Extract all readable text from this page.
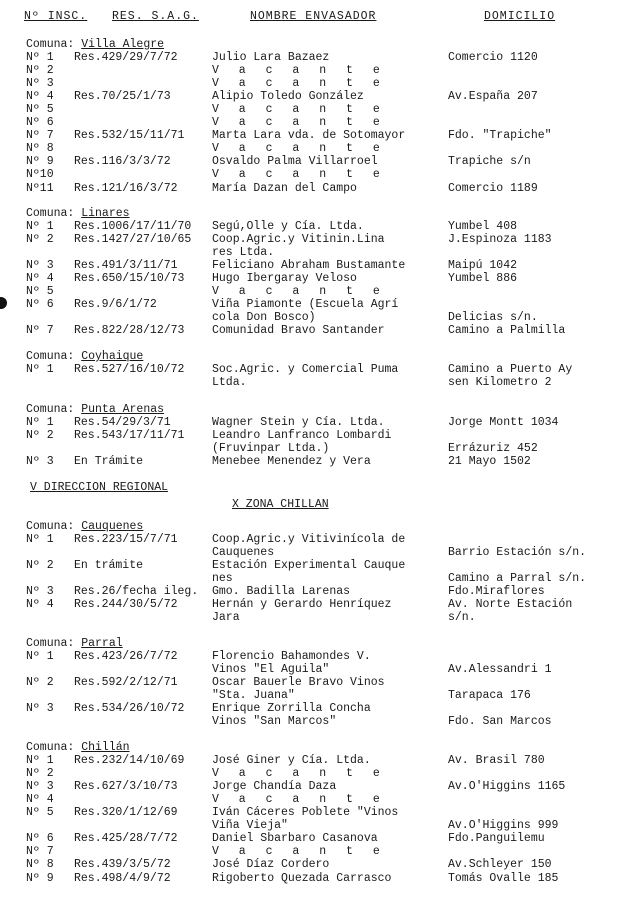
Nº INSC. RES. S.A.G.	NOMBRE ENVASADOR	DOMICILIO
Comuna: Villa Alegre
Nº 1 Res.429/29/7/72	Julio Lara Bazaez	Comercio 1120
Nº 2	V a c a n t e
Nº 3	V a c a n t e
Nº 4 Res.70/25/1/73	Alipio Toledo González	Av.España 207
Nº 5	V a c a n t e
Nº 6	V a c a n t e
Nº 7 Res.532/15/11/71 Marta Lara vda. de Sotomayor	Fdo. "Trapiche"
Nº 8	V a c a n t e
Nº 9 Res.116/3/3/72	Osvaldo Palma Villarroel	Trapiche s/n
Nº10	V a c a n t e
Nº11 Res.121/16/3/72	María Dazan del Campo	Comercio 1189
Comuna: Linares
Nº 1 Res.1006/17/11/70 Segú,Olle y Cía. Ltda.	Yumbel 408
Nº 2 Res.1427/27/10/65 Coop.Agric.y Vitinin.Lina	J.Espinoza 1183
res Ltda.
Nº 3 Res.491/3/11/71	Feliciano Abraham Bustamante	Maipú 1042
Nº 4 Res.650/15/10/73 Hugo Ibergaray Veloso	Yumbel 886
Nº 5	V a c a n t e
Nº 6 Res.9/6/1/72	Viña Piamonte (Escuela Agrí
cola Don Bosco)	Delicias s/n.
Nº 7 Res.822/28/12/73 Comunidad Bravo Santander	Camino a Palmilla
Comuna: Coyhaique
Nº 1 Res.527/16/10/72 Soc.Agric. y Comercial Puma	Camino a Puerto Ay
Ltda.	sen Kilometro 2
Comuna: Punta Arenas
Nº 1 Res.54/29/3/71	Wagner Stein y Cía. Ltda.	Jorge Montt 1034
Nº 2 Res.543/17/11/71 Leandro Lanfranco Lombardi
(Fruvinpar Ltda.)	Errázuriz 452
Nº 3 En Trámite	Menebee Menendez y Vera	21 Mayo 1502
Comuna: Cauquenes
Nº 1 Res.223/15/7/71	Coop.Agric.y Vitivinícola de
Cauquenes	Barrio Estación s/n.
Nº 2 En trámite	Estación Experimental Cauque
nes	Camino a Parral s/n.
Nº 3 Res.26/fecha ileg. Gmo. Badilla Larenas	Fdo.Miraflores
Nº 4 Res.244/30/5/72	Hernán y Gerardo Henríquez	Av. Norte Estación
Jara	s/n.
Comuna: Parral
Nº 1 Res.423/26/7/72	Florencio Bahamondes V.
Vinos "El Aguila"	Av.Alessandri 1
Nº 2 Res.592/2/12/71	Oscar Bauerle Bravo Vinos
"Sta. Juana"	Tarapaca 176
Nº 3 Res.534/26/10/72 Enrique Zorrilla Concha
Vinos "San Marcos"	Fdo. San Marcos
Comuna: Chillán
Nº 1 Res.232/14/10/69 José Giner y Cía. Ltda.	Av. Brasil 780
Nº 2	V a c a n t e
Nº 3 Res.627/3/10/73	Jorge Chandía Daza	Av.O'Higgins 1165
Nº 4	V a c a n t e
Nº 5 Res.320/1/12/69	Iván Cáceres Poblete "Vinos
Viña Vieja"	Av.O'Higgins 999
Nº 6 Res.425/28/7/72	Daniel Sbarbaro Casanova	Fdo.Panguilemu
Nº 7	V a c a n t e
Nº 8 Res.439/3/5/72	José Díaz Cordero	Av.Schleyer 150
Nº 9 Res.498/4/9/72	Rigoberto Quezada Carrasco	Tomás Ovalle 185
V DIRECCION REGIONAL
X ZONA CHILLAN
